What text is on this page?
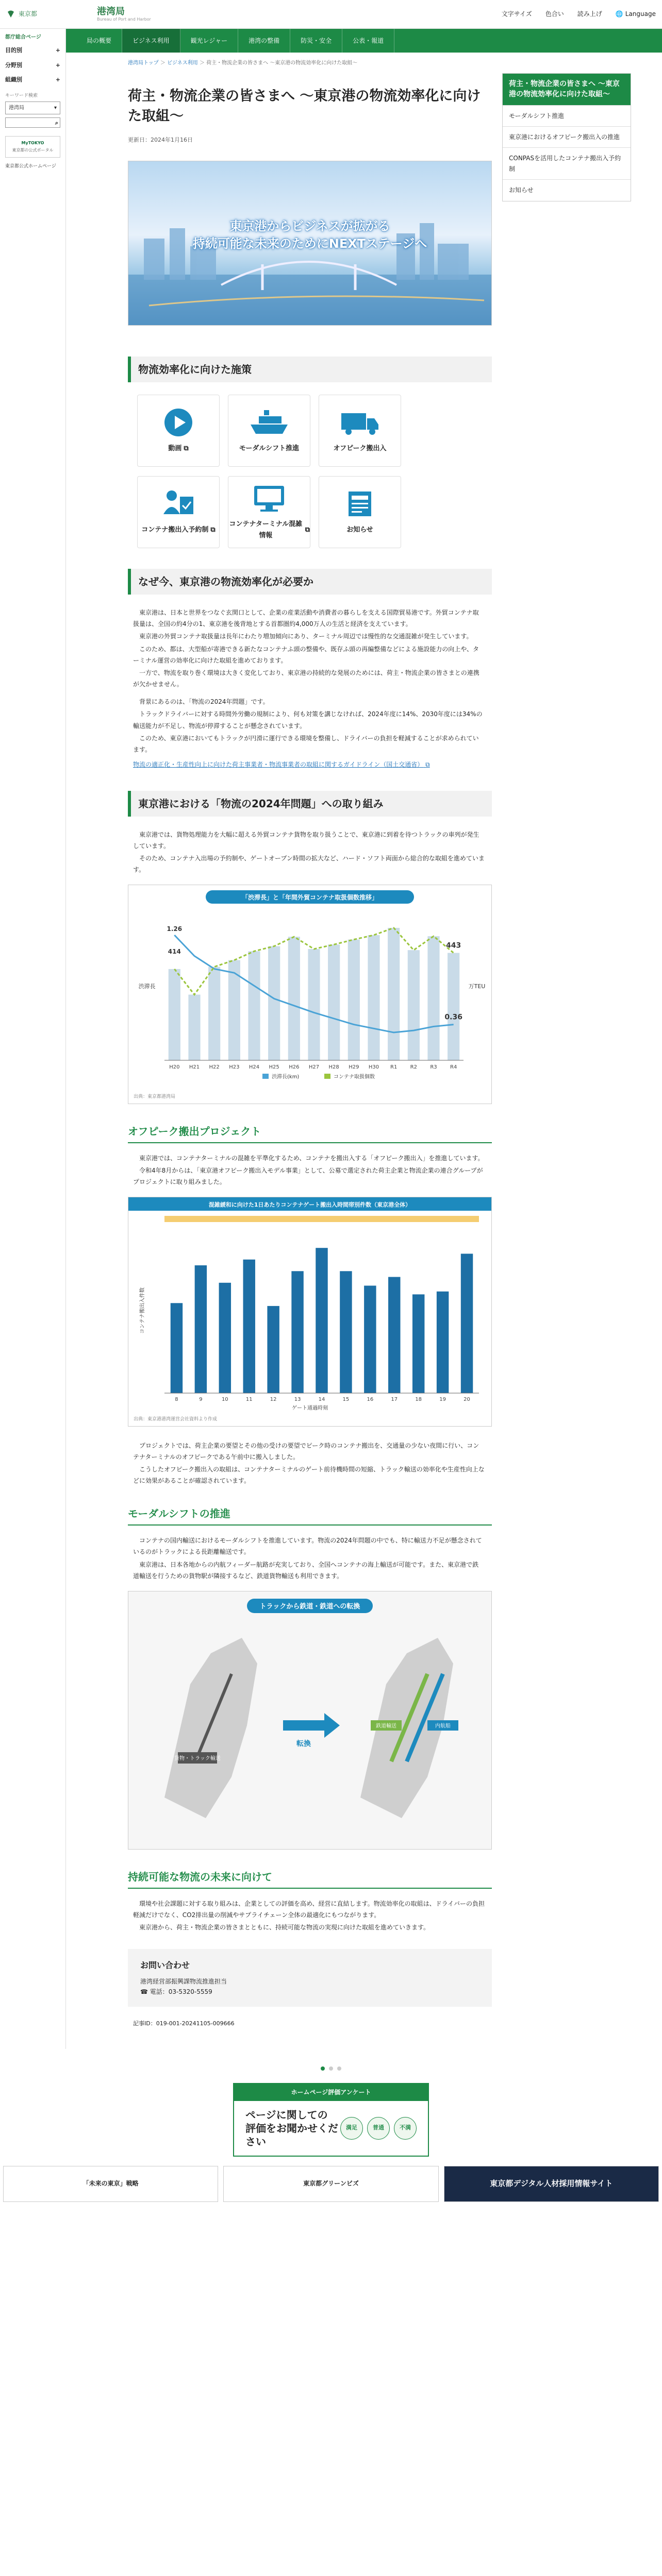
東京都	港湾局
Bureau of Port and Harbor
文字サイズ 色合い 読み上げ 🌐 Language
都庁総合ページ
目的別	+
分野別	+
組織別	+
キーワード検索
港湾局	▾
⌕
MyTOKYO
東京都の公式ポータル
東京都公式ホームページ
局の概要	ビジネス利用	観光レジャー	港湾の整備	防災・安全	公表・報道
港湾局トップ ＞ ビジネス利用 ＞ 荷主・物流企業の皆さまへ ～東京港の物流効率化に向けた取組～
荷主・物流企業の皆さまへ ～東京港の物流効率化に向けた取組～
更新日：2024年1月16日
東京港からビジネスが拡がる
持続可能な未来のためにNEXTステージへ
物流効率化に向けた施策
動画 ⧉	モーダルシフト推進	オフピーク搬出入
コンテナ搬出入予約制 ⧉
コンテナターミナル混雑情報
⧉	お知らせ
なぜ今、東京港の物流効率化が必要か

東京港は、日本と世界をつなぐ玄関口として、企業の産業活動や消費者の暮らしを支える国際貿易港です。外貿コンテナ取扱量は、全国の約4分の1、東京港を後背地とする首都圏約4,000万人の生活と経済を支えています。

東京港の外貿コンテナ取扱量は長年にわたり増加傾向にあり、ターミナル周辺では慢性的な交通混雑が発生しています。

このため、都は、大型船が寄港できる新たなコンテナふ頭の整備や、既存ふ頭の再編整備などによる施設能力の向上や、ターミナル運営の効率化に向けた取組を進めております。

一方で、物流を取り巻く環境は大きく変化しており、東京港の持続的な発展のためには、荷主・物流企業の皆さまとの連携が欠かせません。

背景にあるのは、「物流の2024年問題」です。

トラックドライバーに対する時間外労働の規制により、何も対策を講じなければ、2024年度に14%、2030年度には34%の輸送能力が不足し、物流が停滞することが懸念されています。

このため、東京港においてもトラックが円滑に運行できる環境を整備し、ドライバーの負担を軽減することが求められています。

物流の適正化・生産性向上に向けた荷主事業者・物流事業者の取組に関するガイドライン（国土交通省） ⧉

東京港における「物流の2024年問題」への取り組み

東京港では、貨物処理能力を大幅に超える外貿コンテナ貨物を取り扱うことで、東京港に到着を待つトラックの車列が発生しています。

そのため、コンテナ入出場の予約制や、ゲートオープン時間の拡大など、ハード・ソフト両面から総合的な取組を進めています。

「渋滞長」と「年間外貿コンテナ取扱個数推移」
H20 H21 H22 H23 H24 H25 H26 H27 H28 H29 H30 R1	R2	R3	R4
414
1.26
443
0.36
渋滞長	万TEU
渋滞長(km)	コンテナ取扱個数
出典：東京都港湾局
オフピーク搬出プロジェクト

東京港では、コンテナターミナルの混雑を平準化するため、コンテナを搬出入する「オフピーク搬出入」を推進しています。

令和4年8月からは、「東京港オフピーク搬出入モデル事業」として、公募で選定された荷主企業と物流企業の連合グループがプロジェクトに取り組みました。

混雑緩和に向けた1日あたりコンテナゲート搬出入時間帯別件数（東京港全体）
8	9	10	11	12	13	14	15	16	17	18	19	20
ゲート通過時刻
コンテナ搬出入件数
出典：東京港港湾運営会社資料より作成

プロジェクトでは、荷主企業の要望とその他の受けの要望でピーク時のコンテナ搬出を、交通量の少ない夜間に行い、コンテナターミナルのオフピークである午前中に搬入しました。

こうしたオフピーク搬出入の取組は、コンテナターミナルのゲート前待機時間の短縮、トラック輸送の効率化や生産性向上などに効果があることが確認されています。

モーダルシフトの推進

コンテナの国内輸送におけるモーダルシフトを推進しています。物流の2024年問題の中でも、特に輸送力不足が懸念されているのがトラックによる長距離輸送です。

東京港は、日本各地からの内航フィーダー航路が充実しており、全国へコンテナの海上輸送が可能です。また、東京港で鉄道輸送を行うための貨物駅が隣接するなど、鉄道貨物輸送も利用できます。

トラックから鉄道・鉄道への転換
貨物・トラック輸送
鉄道輸送	内航船
転換
持続可能な物流の未来に向けて

環境や社会課題に対する取り組みは、企業としての評価を高め、経営に直結します。物流効率化の取組は、ドライバーの負担軽減だけでなく、CO2排出量の削減やサプライチェーン全体の最適化にもつながります。

東京港から、荷主・物流企業の皆さまとともに、持続可能な物流の実現に向けた取組を進めていきます。

お問い合わせ
港湾経営部振興課物流推進担当
☎ 電話：03-5320-5559
記事ID：019-001-20241105-009666
荷主・物流企業の皆さまへ ～東京港の物流効率化に向けた取組～
モーダルシフト推進
東京港におけるオフピーク搬出入の推進
CONPASを活用したコンテナ搬出入予約制
お知らせ
ホームページ評価アンケート
ページに関しての
評価をお聞かせください
満足	普通	不満
「未来の東京」戦略	東京都グリーンビズ	東京都デジタル人材採用情報サイト
